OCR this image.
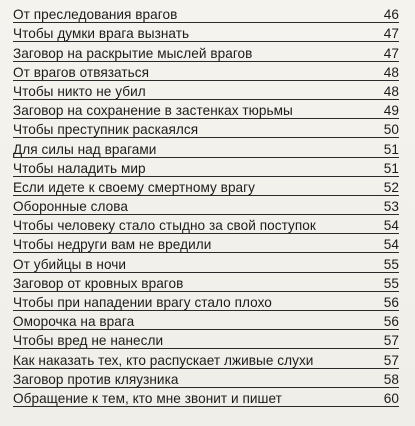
От преследования врагов	46
Чтобы думки врага вызнать	47
Заговор на раскрытие мыслей врагов	47
От врагов отвязаться	48
Чтобы никто не убил	48
Заговор на сохранение в застенках тюрьмы	49
Чтобы преступник раскаялся	50
Для силы над врагами	51
Чтобы наладить мир	51
Если идете к своему смертному врагу	52
Оборонные слова	53
Чтобы человеку стало стыдно за свой поступок	54
Чтобы недруги вам не вредили	54
От убийцы в ночи	55
Заговор от кровных врагов	55
Чтобы при нападении врагу стало плохо	56
Оморочка на врага	56
Чтобы вред не нанесли	57
Как наказать тех, кто распускает лживые слухи	57
Заговор против кляузника	58
Обращение к тем, кто мне звонит и пишет	60
